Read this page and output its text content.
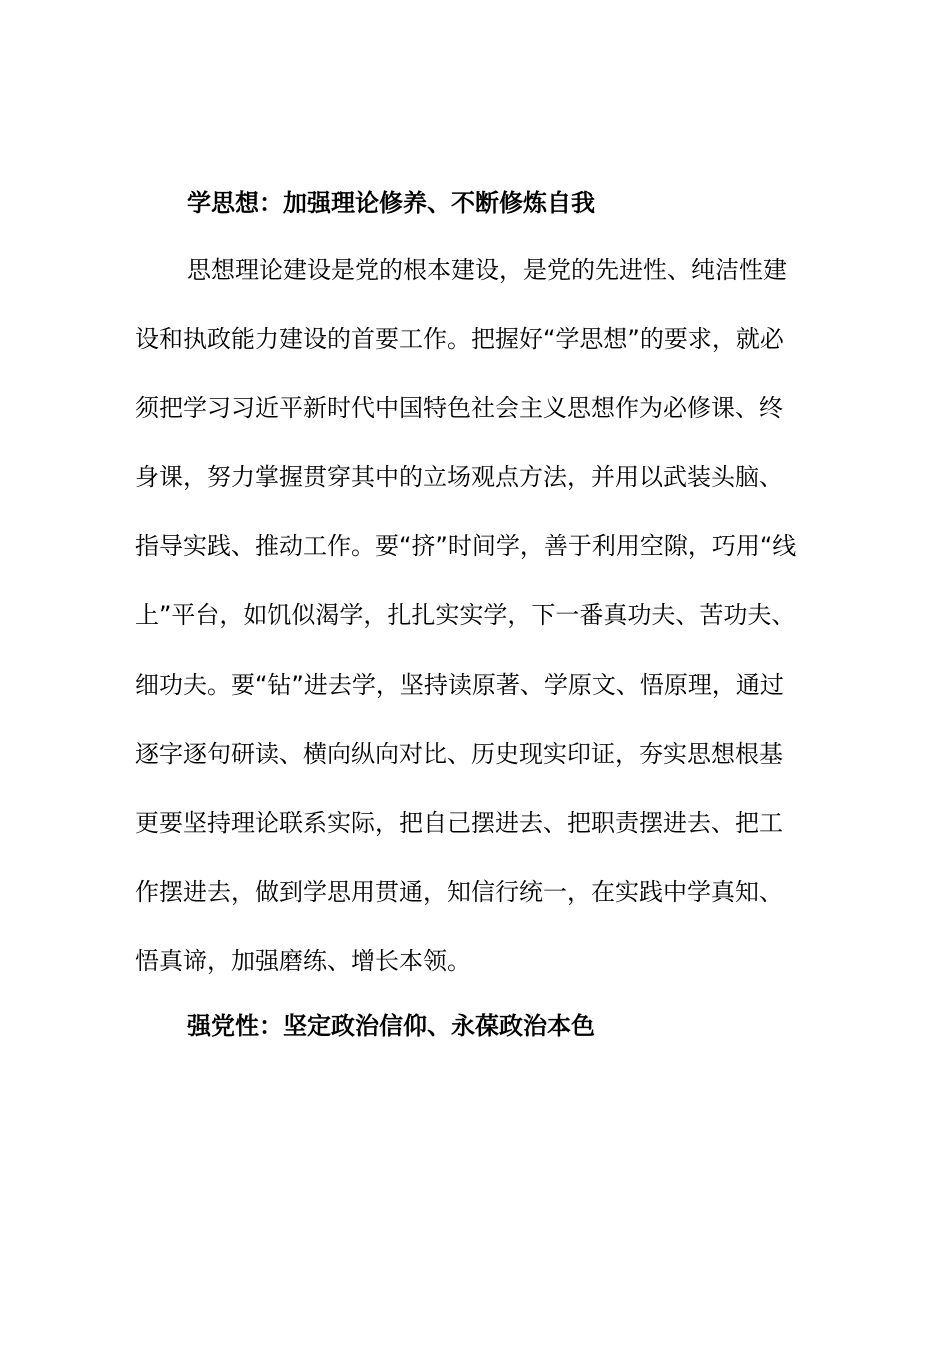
学思想：加强理论修养、不断修炼自我
思想理论建设是党的根本建设，是党的先进性、纯洁性建
设和执政能力建设的首要工作。把握好“学思想”的要求，就必
须把学习习近平新时代中国特色社会主义思想作为必修课、终
身课，努力掌握贯穿其中的立场观点方法，并用以武装头脑、
指导实践、推动工作。要“挤”时间学，善于利用空隙，巧用“线
上”平台，如饥似渴学，扎扎实实学，下一番真功夫、苦功夫、
细功夫。要“钻”进去学，坚持读原著、学原文、悟原理，通过
逐字逐句研读、横向纵向对比、历史现实印证，夯实思想根基
更要坚持理论联系实际，把自己摆进去、把职责摆进去、把工
作摆进去，做到学思用贯通，知信行统一，在实践中学真知、
悟真谛，加强磨练、增长本领。
强党性：坚定政治信仰、永葆政治本色
